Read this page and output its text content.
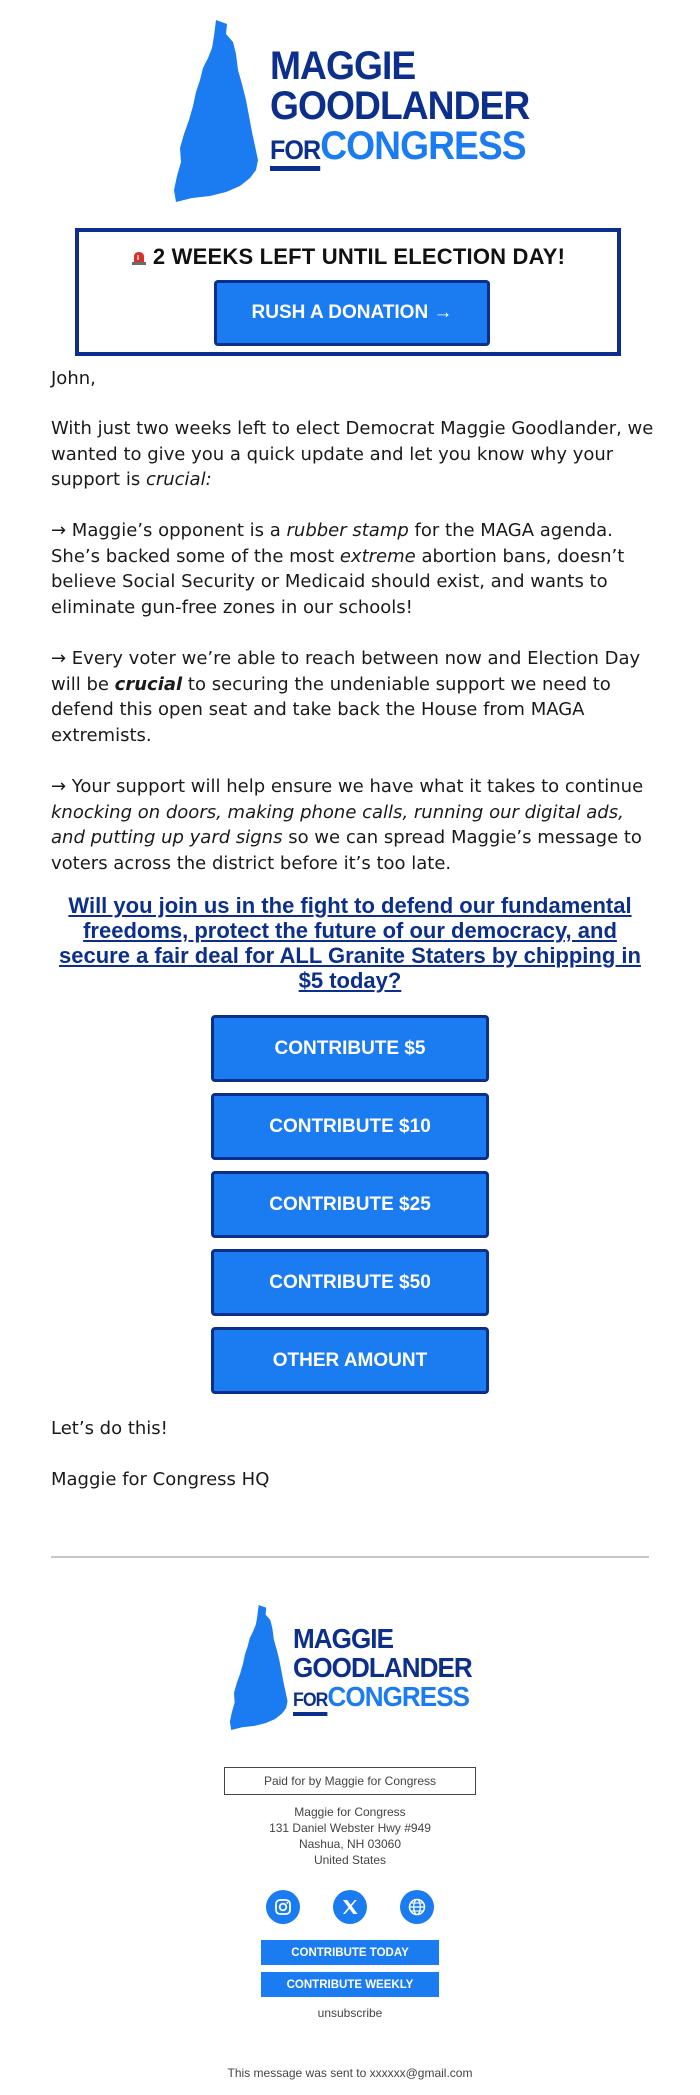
MAGGIE
GOODLANDER
FORCONGRESS
2 WEEKS LEFT UNTIL ELECTION DAY!
RUSH A DONATION →

John,

With just two weeks left to elect Democrat Maggie Goodlander, we wanted to give you a quick update and let you know why your support is crucial:

→ Maggie’s opponent is a rubber stamp for the MAGA agenda. She’s backed some of the most extreme abortion bans, doesn’t believe Social Security or Medicaid should exist, and wants to eliminate gun-free zones in our schools!

→ Every voter we’re able to reach between now and Election Day will be crucial to securing the undeniable support we need to defend this open seat and take back the House from MAGA extremists.

→ Your support will help ensure we have what it takes to continue knocking on doors, making phone calls, running our digital ads, and putting up yard signs so we can spread Maggie’s message to voters across the district before it’s too late.

Will you join us in the fight to defend our fundamental freedoms, protect the future of our democracy, and secure a fair deal for ALL Granite Staters by chipping in $5 today?
CONTRIBUTE $5
CONTRIBUTE $10
CONTRIBUTE $25
CONTRIBUTE $50
OTHER AMOUNT

Let’s do this!

Maggie for Congress HQ

MAGGIE
GOODLANDER
FORCONGRESS
Paid for by Maggie for Congress
Maggie for Congress
131 Daniel Webster Hwy #949
Nashua, NH 03060
United States
CONTRIBUTE TODAY
CONTRIBUTE WEEKLY
unsubscribe
This message was sent to xxxxxx@gmail.com
